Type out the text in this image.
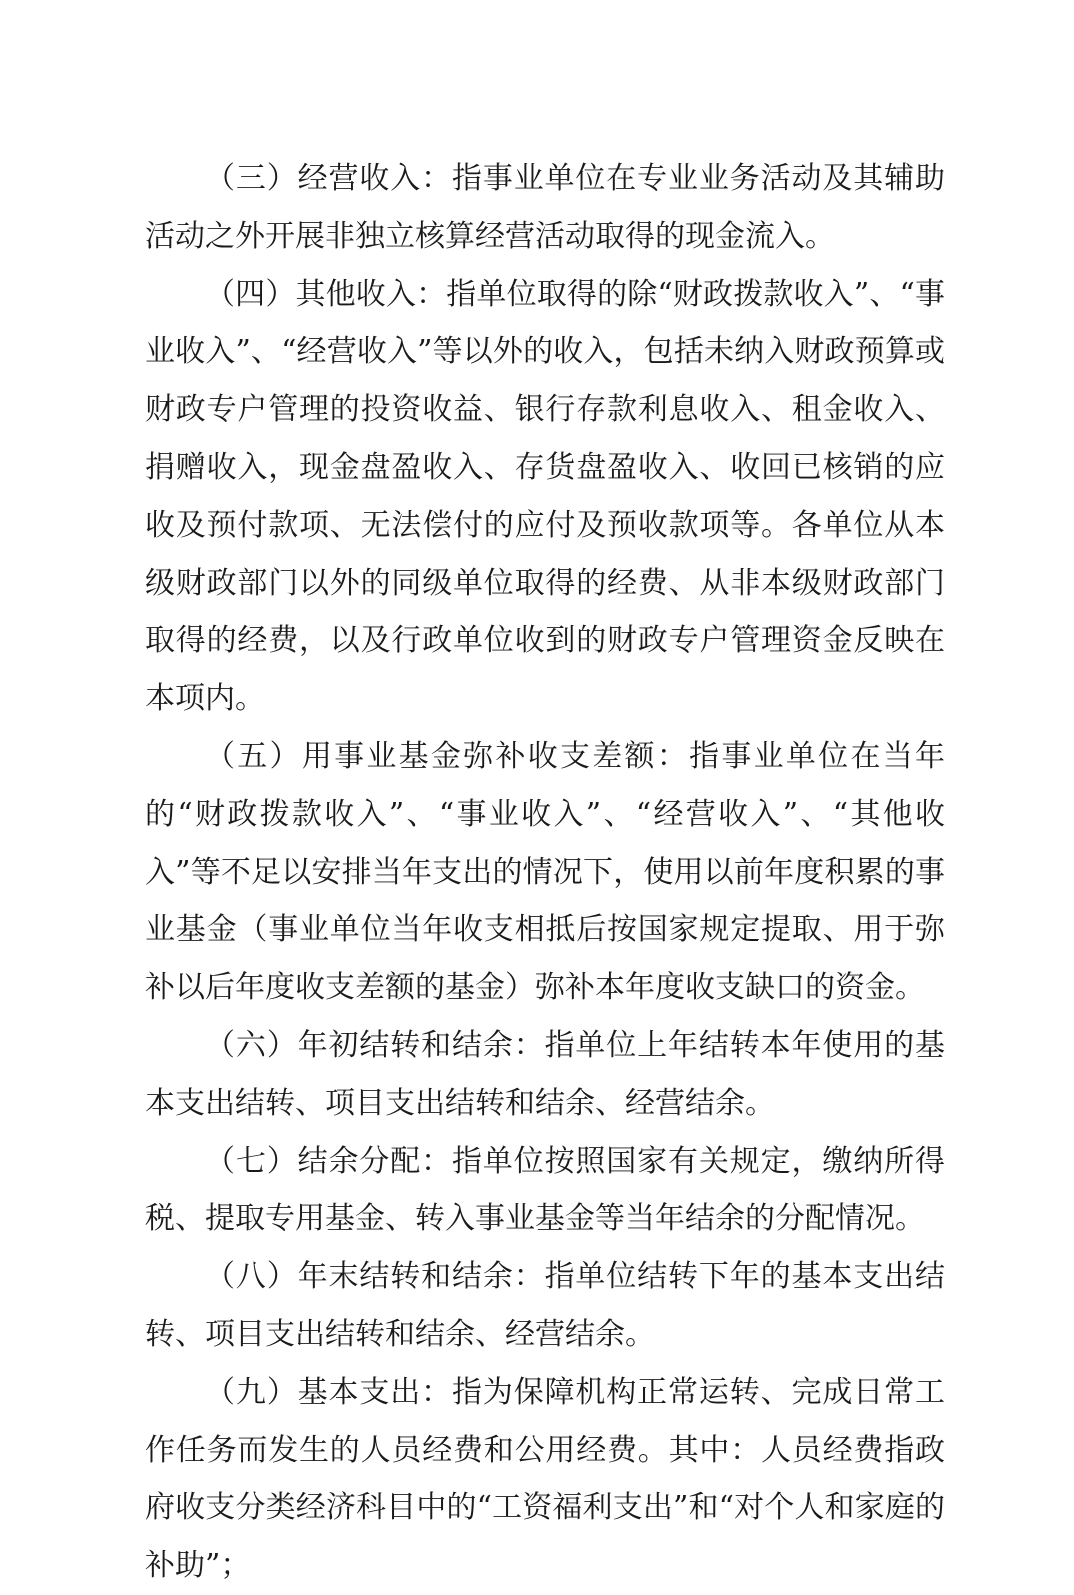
（三）经营收入：指事业单位在专业业务活动及其辅助活动之外开展非独立核算经营活动取得的现金流入。

（四）其他收入：指单位取得的除“财政拨款收入”、“事业收入”、“经营收入”等以外的收入，包括未纳入财政预算或财政专户管理的投资收益、银行存款利息收入、租金收入、捐赠收入，现金盘盈收入、存货盘盈收入、收回已核销的应收及预付款项、无法偿付的应付及预收款项等。各单位从本级财政部门以外的同级单位取得的经费、从非本级财政部门取得的经费，以及行政单位收到的财政专户管理资金反映在本项内。

（五）用事业基金弥补收支差额：指事业单位在当年的“财政拨款收入”、“事业收入”、“经营收入”、“其他收入”等不足以安排当年支出的情况下，使用以前年度积累的事业基金（事业单位当年收支相抵后按国家规定提取、用于弥补以后年度收支差额的基金）弥补本年度收支缺口的资金。

（六）年初结转和结余：指单位上年结转本年使用的基本支出结转、项目支出结转和结余、经营结余。

（七）结余分配：指单位按照国家有关规定，缴纳所得税、提取专用基金、转入事业基金等当年结余的分配情况。

（八）年末结转和结余：指单位结转下年的基本支出结转、项目支出结转和结余、经营结余。

（九）基本支出：指为保障机构正常运转、完成日常工作任务而发生的人员经费和公用经费。其中：人员经费指政府收支分类经济科目中的“工资福利支出”和“对个人和家庭的补助”；
